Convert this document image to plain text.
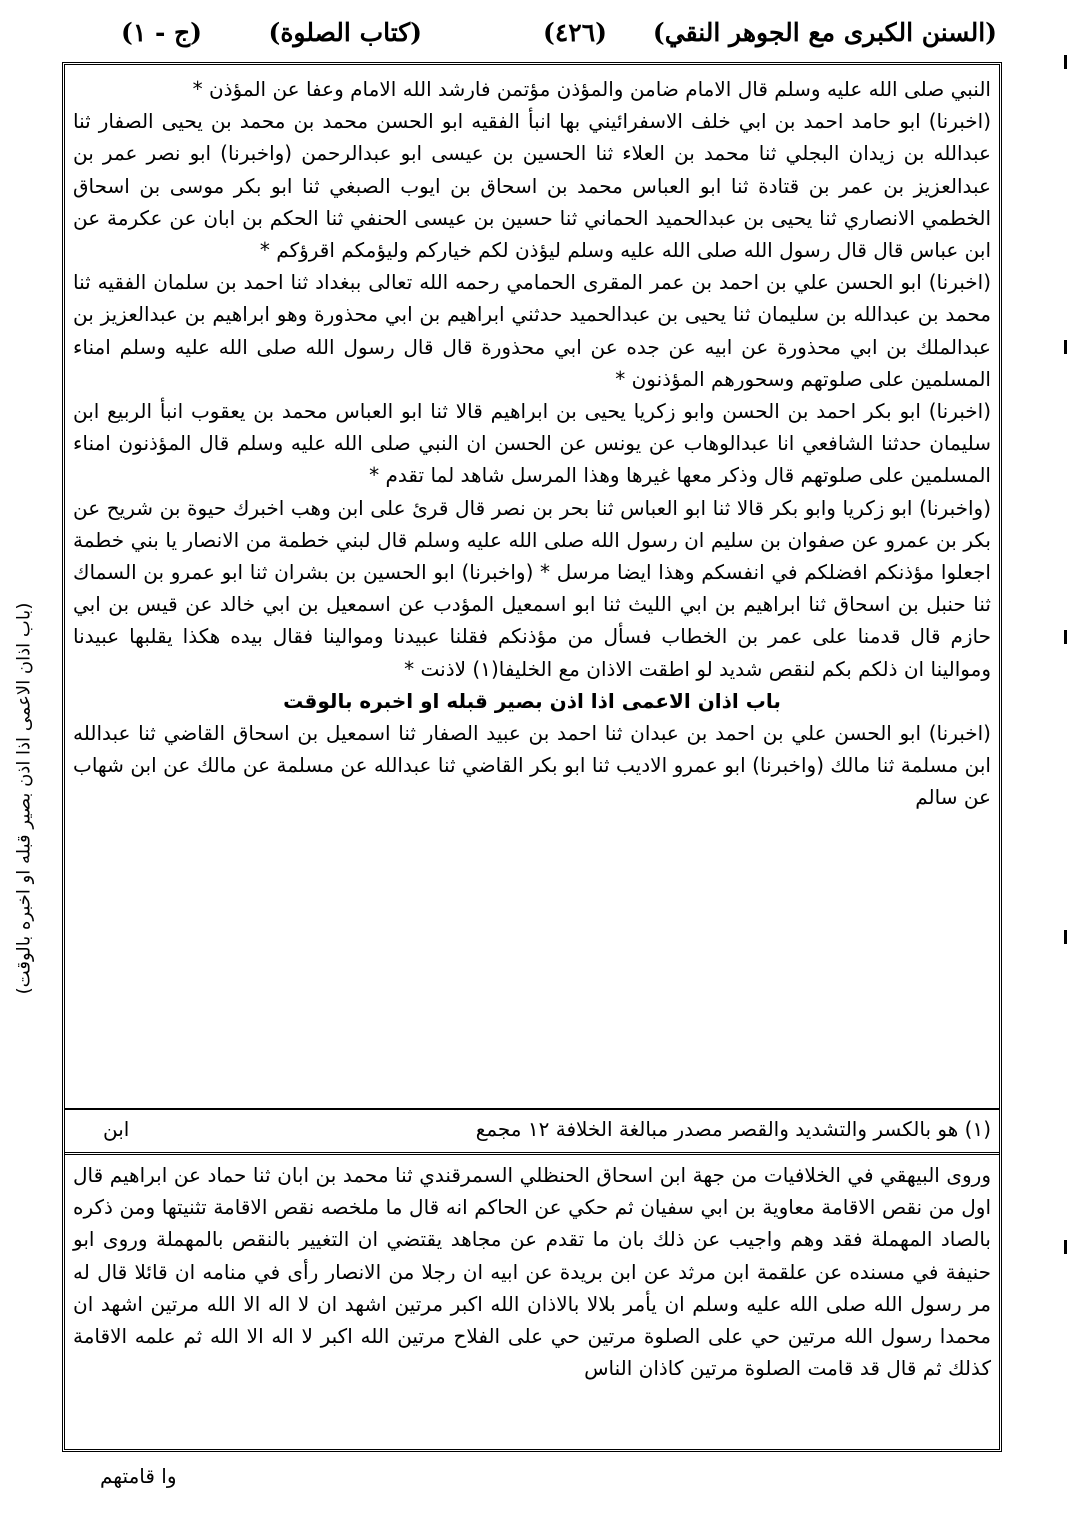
(السنن الكبرى مع الجوهر النقي)
(٤٢٦)
(كتاب الصلوة)
(ج - ١)

النبي صلى الله عليه وسلم قال الامام ضامن والمؤذن مؤتمن فارشد الله الامام وعفا عن المؤذن *

(اخبرنا) ابو حامد احمد بن ابي خلف الاسفرائيني بها انبأ الفقيه ابو الحسن محمد بن محمد بن يحيى الصفار ثنا عبدالله بن زيدان البجلي ثنا محمد بن العلاء ثنا الحسين بن عيسى ابو عبدالرحمن (واخبرنا) ابو نصر عمر بن عبدالعزيز بن عمر بن قتادة ثنا ابو العباس محمد بن اسحاق بن ايوب الصبغي ثنا ابو بكر موسى بن اسحاق الخطمي الانصاري ثنا يحيى بن عبدالحميد الحماني ثنا حسين بن عيسى الحنفي ثنا الحكم بن ابان عن عكرمة عن ابن عباس قال قال رسول الله صلى الله عليه وسلم ليؤذن لكم خياركم وليؤمكم اقرؤكم *

(اخبرنا) ابو الحسن علي بن احمد بن عمر المقرى الحمامي رحمه الله تعالى ببغداد ثنا احمد بن سلمان الفقيه ثنا محمد بن عبدالله بن سليمان ثنا يحيى بن عبدالحميد حدثني ابراهيم بن ابي محذورة وهو ابراهيم بن عبدالعزيز بن عبدالملك بن ابي محذورة عن ابيه عن جده عن ابي محذورة قال قال رسول الله صلى الله عليه وسلم امناء المسلمين على صلوتهم وسحورهم المؤذنون *

(اخبرنا) ابو بكر احمد بن الحسن وابو زكريا يحيى بن ابراهيم قالا ثنا ابو العباس محمد بن يعقوب انبأ الربيع ابن سليمان حدثنا الشافعي انا عبدالوهاب عن يونس عن الحسن ان النبي صلى الله عليه وسلم قال المؤذنون امناء المسلمين على صلوتهم قال وذكر معها غيرها وهذا المرسل شاهد لما تقدم *

(واخبرنا) ابو زكريا وابو بكر قالا ثنا ابو العباس ثنا بحر بن نصر قال قرئ على ابن وهب اخبرك حيوة بن شريح عن بكر بن عمرو عن صفوان بن سليم ان رسول الله صلى الله عليه وسلم قال لبني خطمة من الانصار يا بني خطمة اجعلوا مؤذنكم افضلكم في انفسكم وهذا ايضا مرسل * (واخبرنا) ابو الحسين بن بشران ثنا ابو عمرو بن السماك ثنا حنبل بن اسحاق ثنا ابراهيم بن ابي الليث ثنا ابو اسمعيل المؤدب عن اسمعيل بن ابي خالد عن قيس بن ابي حازم قال قدمنا على عمر بن الخطاب فسأل من مؤذنكم فقلنا عبيدنا وموالينا فقال بيده هكذا يقلبها عبيدنا وموالينا ان ذلكم بكم لنقص شديد لو اطقت الاذان مع الخليفا(١) لاذنت *

باب اذان الاعمى اذا اذن بصير قبله او اخبره بالوقت

(اخبرنا) ابو الحسن علي بن احمد بن عبدان ثنا احمد بن عبيد الصفار ثنا اسمعيل بن اسحاق القاضي ثنا عبدالله ابن مسلمة ثنا مالك (واخبرنا) ابو عمرو الاديب ثنا ابو بكر القاضي ثنا عبدالله عن مسلمة عن مالك عن ابن شهاب عن سالم

(١) هو بالكسر والتشديد والقصر مصدر مبالغة الخلافة ١٢ مجمع
ابن

وروى البيهقي في الخلافيات من جهة ابن اسحاق الحنظلي السمرقندي ثنا محمد بن ابان ثنا حماد عن ابراهيم قال اول من نقص الاقامة معاوية بن ابي سفيان ثم حكي عن الحاكم انه قال ما ملخصه نقص الاقامة تثنيتها ومن ذكره بالصاد المهملة فقد وهم واجيب عن ذلك بان ما تقدم عن مجاهد يقتضي ان التغيير بالنقص بالمهملة وروى ابو حنيفة في مسنده عن علقمة ابن مرثد عن ابن بريدة عن ابيه ان رجلا من الانصار رأى في منامه ان قائلا قال له مر رسول الله صلى الله عليه وسلم ان يأمر بلالا بالاذان الله اكبر مرتين اشهد ان لا اله الا الله مرتين اشهد ان محمدا رسول الله مرتين حي على الصلوة مرتين حي على الفلاح مرتين الله اكبر لا اله الا الله ثم علمه الاقامة كذلك ثم قال قد قامت الصلوة مرتين كاذان الناس

وا قامتهم
(باب اذان الاعمى اذا اذن بصير قبله او اخبره بالوقت)
